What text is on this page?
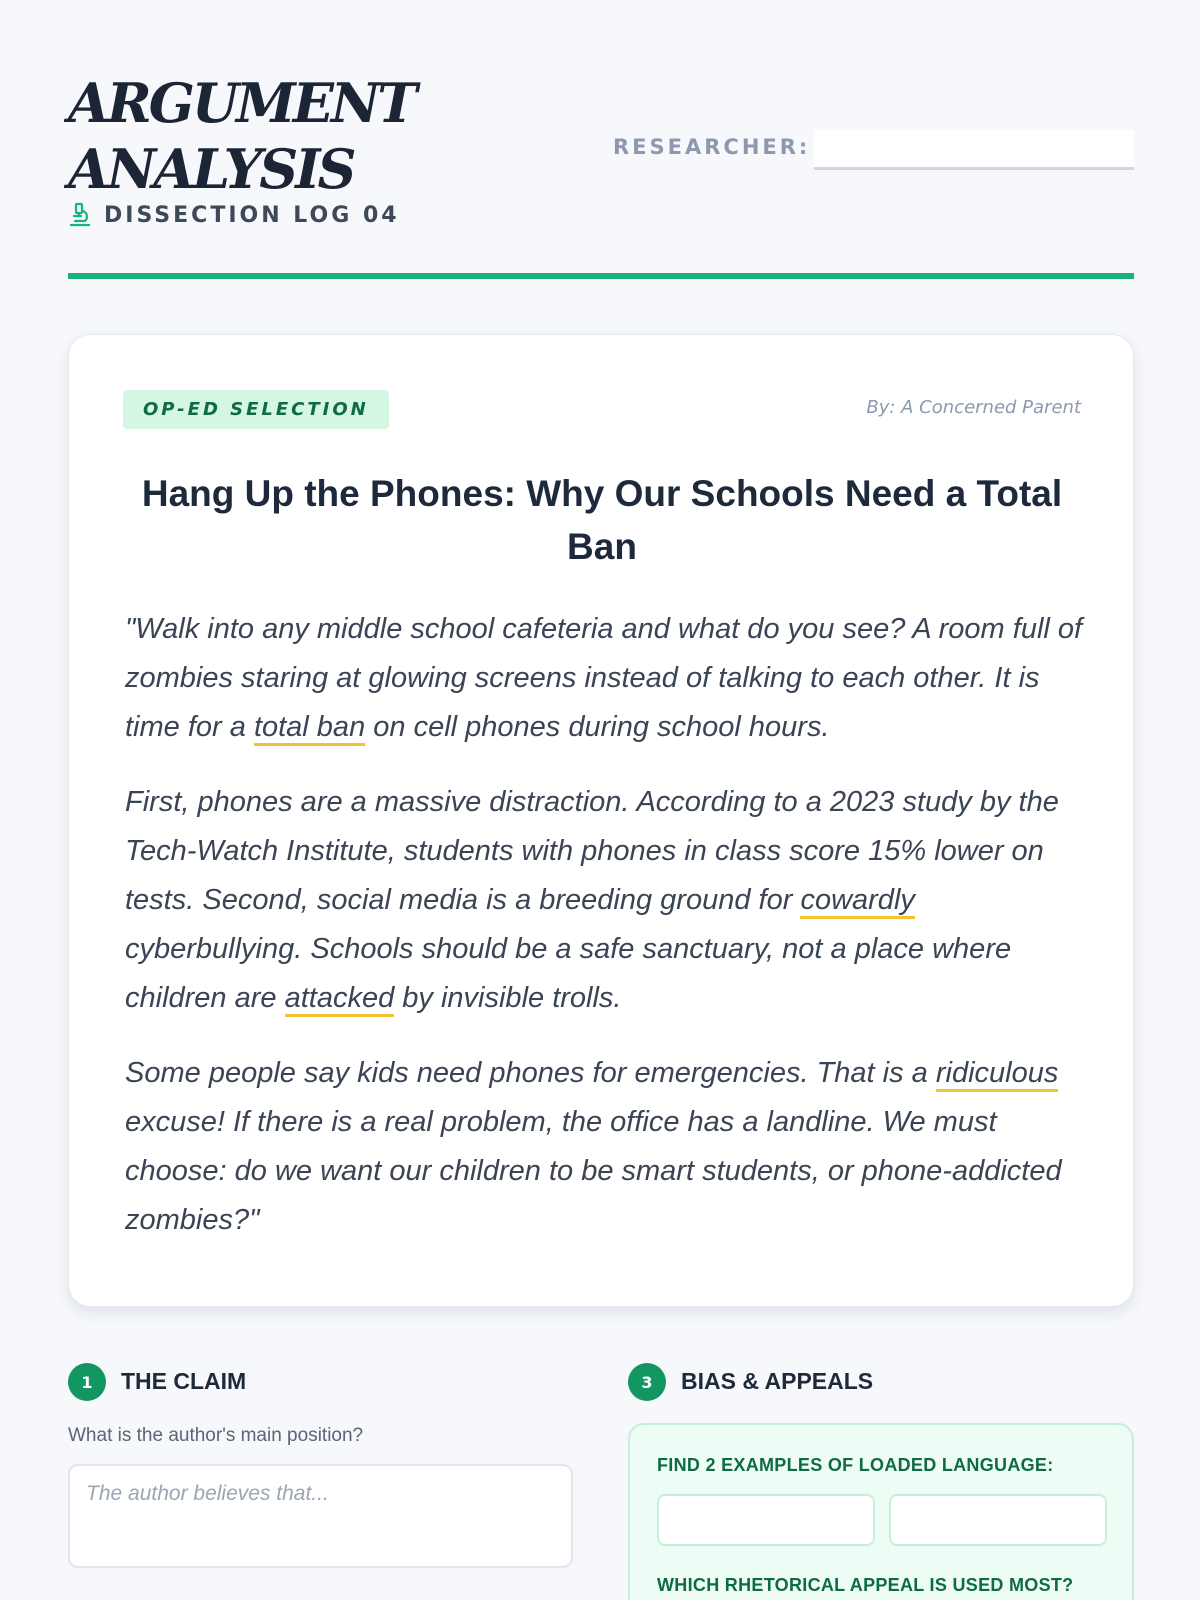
ARGUMENT
ANALYSIS
DISSECTION LOG 04
RESEARCHER:
OP-ED SELECTION	By: A Concerned Parent
Hang Up the Phones: Why Our Schools Need a Total Ban

"Walk into any middle school cafeteria and what do you see? A room full of zombies staring at glowing screens instead of talking to each other. It is time for a total ban on cell phones during school hours.

First, phones are a massive distraction. According to a 2023 study by the Tech-Watch Institute, students with phones in class score 15% lower on tests. Second, social media is a breeding ground for cowardly cyberbullying. Schools should be a safe sanctuary, not a place where children are attacked by invisible trolls.

Some people say kids need phones for emergencies. That is a ridiculous excuse! If there is a real problem, the office has a landline. We must choose: do we want our children to be smart students, or phone-addicted zombies?"

1	THE CLAIM
What is the author's main position?
The author believes that...
3	BIAS & APPEALS
FIND 2 EXAMPLES OF LOADED LANGUAGE:
WHICH RHETORICAL APPEAL IS USED MOST?
